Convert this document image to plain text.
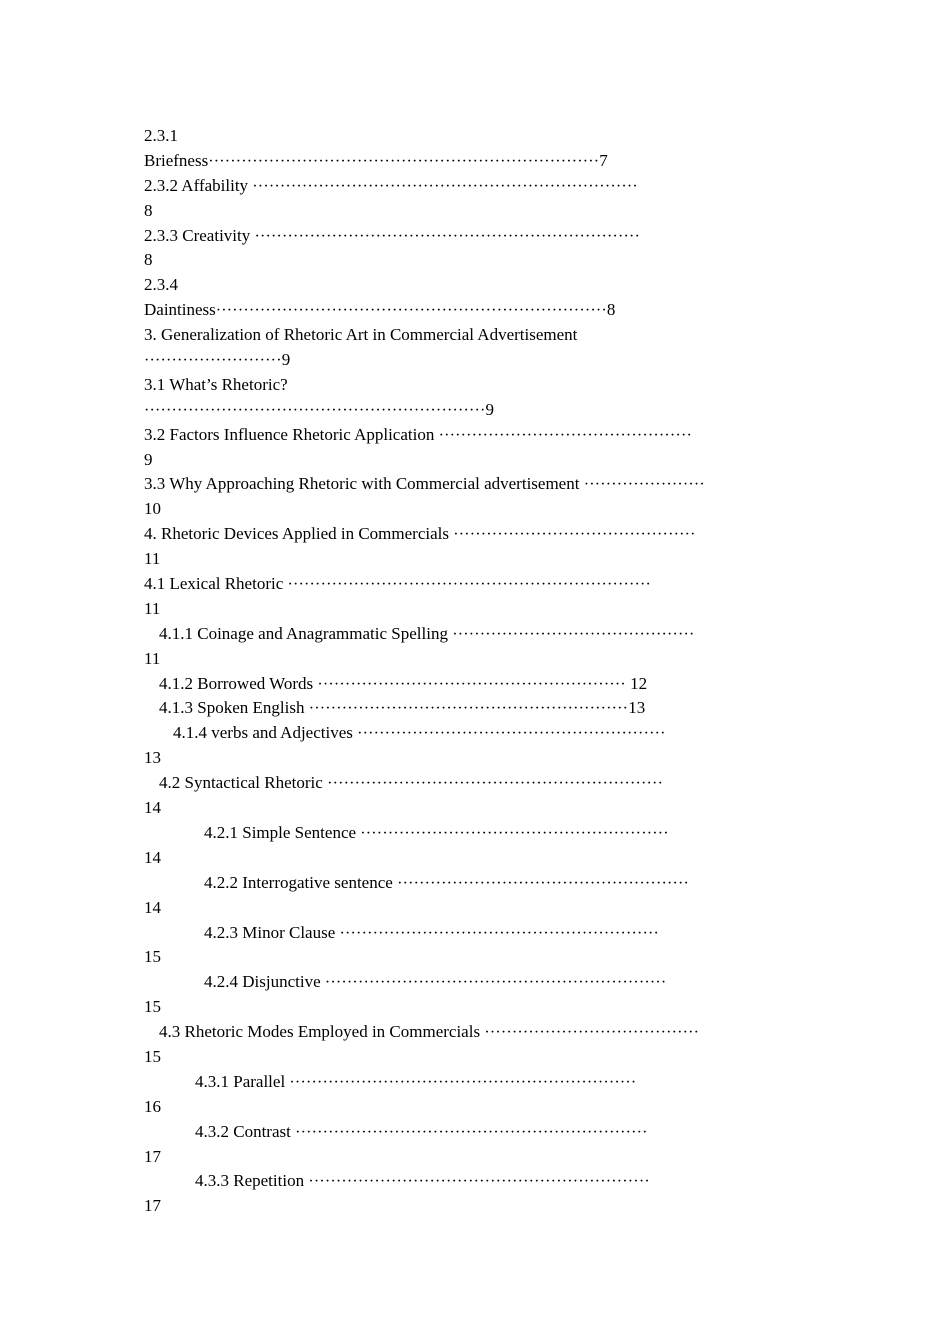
2.3.1
Briefness·······································································7
2.3.2 Affability ······································································
8
2.3.3 Creativity ······································································
8
2.3.4
Daintiness·······································································8
3. Generalization of Rhetoric Art in Commercial Advertisement
·························9
3.1 What’s Rhetoric?
······························································9
3.2 Factors Influence Rhetoric Application ··············································
9
3.3 Why Approaching Rhetoric with Commercial advertisement ······················
10
4. Rhetoric Devices Applied in Commercials ············································
11
4.1 Lexical Rhetoric ··································································
11
4.1.1 Coinage and Anagrammatic Spelling ············································
11
4.1.2 Borrowed Words ························································ 12
4.1.3 Spoken English ··························································13
4.1.4 verbs and Adjectives ························································
13
4.2 Syntactical Rhetoric ·····························································
14
4.2.1 Simple Sentence ························································
14
4.2.2 Interrogative sentence ·····················································
14
4.2.3 Minor Clause ··························································
15
4.2.4 Disjunctive ······························································
15
4.3 Rhetoric Modes Employed in Commercials ·······································
15
4.3.1 Parallel ·······························································
16
4.3.2 Contrast ································································
17
4.3.3 Repetition ······························································
17
